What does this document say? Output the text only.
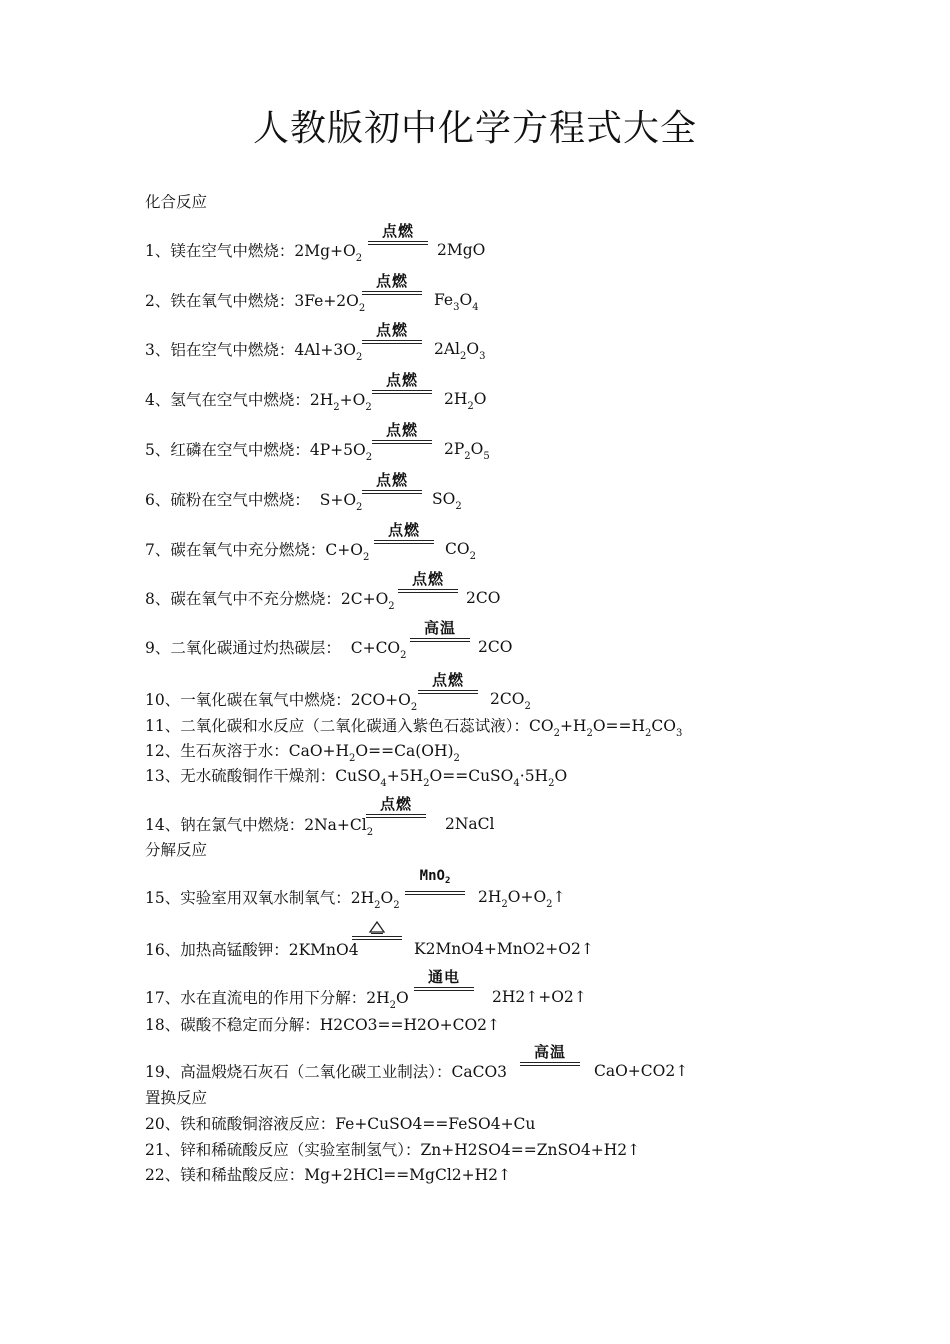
人教版初中化学方程式大全
化合反应
1、镁在空气中燃烧：$2Mg+O_2$
点燃
2MgO
2、铁在氧气中燃烧：$3Fe+2O_2$
点燃
$Fe_3O_4$
3、铝在空气中燃烧：$4Al+3O_2$
点燃
$2Al_2O_3$
4、氢气在空气中燃烧：$2H_2+O_2$
点燃
$2H_2O$
5、红磷在空气中燃烧：$4P+5O_2$
点燃
$2P_2O_5$
6、硫粉在空气中燃烧：  $S+O_2$
点燃
$SO_2$
7、碳在氧气中充分燃烧：$C+O_2$
点燃
$CO_2$
8、碳在氧气中不充分燃烧：$2C+O_2$
点燃
2CO
9、二氧化碳通过灼热碳层：  $C+CO_2$
高温
2CO
10、一氧化碳在氧气中燃烧：$2CO+O_2$
点燃
$2CO_2$
11、二氧化碳和水反应（二氧化碳通入紫色石蕊试液）：$CO_2+H_2O==H_2CO_3$
12、生石灰溶于水：$CaO+H_2O==Ca(OH)_2$
13、无水硫酸铜作干燥剂：$CuSO_4+5H_2O==CuSO_4\cdot 5H_2O$
14、钠在氯气中燃烧：$2Na+Cl_2$
点燃
2NaCl
分解反应
15、实验室用双氧水制氧气：$2H_2O_2$
MnO$_2$
$2H_2O+O_2↑$
16、加热高锰酸钾：2KMnO4	K2MnO4+MnO2+O2↑
17、水在直流电的作用下分解：$2H_2O$
通电
2H2↑+O2↑
18、碳酸不稳定而分解：H2CO3==H2O+CO2↑
19、高温煅烧石灰石（二氧化碳工业制法）：CaCO3
高温
CaO+CO2↑
置换反应
20、铁和硫酸铜溶液反应：Fe+CuSO4==FeSO4+Cu
21、锌和稀硫酸反应（实验室制氢气）：Zn+H2SO4==ZnSO4+H2↑
22、镁和稀盐酸反应：Mg+2HCl==MgCl2+H2↑
